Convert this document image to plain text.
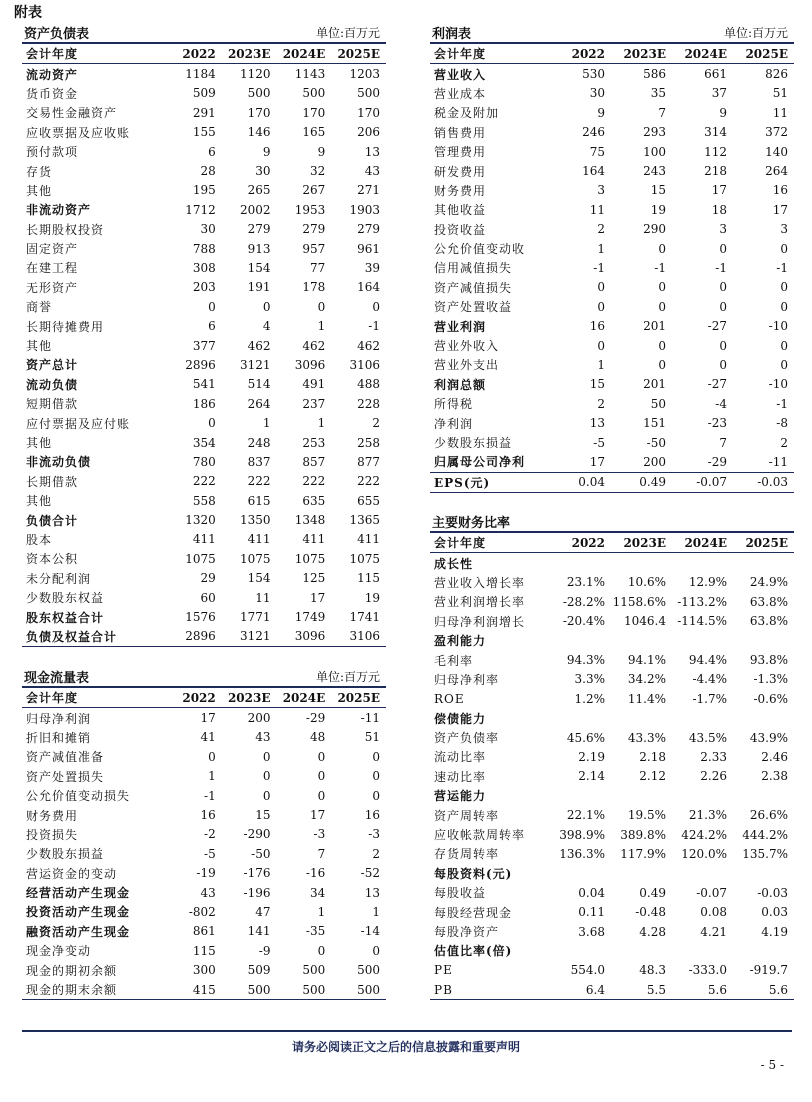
附表
资产负债表	单位:百万元
会计年度	2022	2023E	2024E	2025E
流动资产	1184	1120	1143	1203
货币资金	509	500	500	500
交易性金融资产	291	170	170	170
应收票据及应收账	155	146	165	206
预付款项	6	9	9	13
存货	28	30	32	43
其他	195	265	267	271
非流动资产	1712	2002	1953	1903
长期股权投资	30	279	279	279
固定资产	788	913	957	961
在建工程	308	154	77	39
无形资产	203	191	178	164
商誉	0	0	0	0
长期待摊费用	6	4	1	-1
其他	377	462	462	462
资产总计	2896	3121	3096	3106
流动负债	541	514	491	488
短期借款	186	264	237	228
应付票据及应付账	0	1	1	2
其他	354	248	253	258
非流动负债	780	837	857	877
长期借款	222	222	222	222
其他	558	615	635	655
负债合计	1320	1350	1348	1365
股本	411	411	411	411
资本公积	1075	1075	1075	1075
未分配利润	29	154	125	115
少数股东权益	60	11	17	19
股东权益合计	1576	1771	1749	1741
负债及权益合计	2896	3121	3096	3106
现金流量表	单位:百万元
会计年度	2022	2023E	2024E	2025E
归母净利润	17	200	-29	-11
折旧和摊销	41	43	48	51
资产减值准备	0	0	0	0
资产处置损失	1	0	0	0
公允价值变动损失	-1	0	0	0
财务费用	16	15	17	16
投资损失	-2	-290	-3	-3
少数股东损益	-5	-50	7	2
营运资金的变动	-19	-176	-16	-52
经营活动产生现金	43	-196	34	13
投资活动产生现金	-802	47	1	1
融资活动产生现金	861	141	-35	-14
现金净变动	115	-9	0	0
现金的期初余额	300	509	500	500
现金的期末余额	415	500	500	500
利润表	单位:百万元
会计年度	2022	2023E	2024E	2025E
营业收入	530	586	661	826
营业成本	30	35	37	51
税金及附加	9	7	9	11
销售费用	246	293	314	372
管理费用	75	100	112	140
研发费用	164	243	218	264
财务费用	3	15	17	16
其他收益	11	19	18	17
投资收益	2	290	3	3
公允价值变动收	1	0	0	0
信用减值损失	-1	-1	-1	-1
资产减值损失	0	0	0	0
资产处置收益	0	0	0	0
营业利润	16	201	-27	-10
营业外收入	0	0	0	0
营业外支出	1	0	0	0
利润总额	15	201	-27	-10
所得税	2	50	-4	-1
净利润	13	151	-23	-8
少数股东损益	-5	-50	7	2
归属母公司净利	17	200	-29	-11
EPS(元)	0.04	0.49	-0.07	-0.03
主要财务比率
会计年度	2022	2023E	2024E	2025E
成长性				
营业收入增长率	23.1%	10.6%	12.9%	24.9%
营业利润增长率	-28.2%	1158.6%	-113.2%	63.8%
归母净利润增长	-20.4%	1046.4	-114.5%	63.8%
盈利能力				
毛利率	94.3%	94.1%	94.4%	93.8%
归母净利率	3.3%	34.2%	-4.4%	-1.3%
ROE	1.2%	11.4%	-1.7%	-0.6%
偿债能力				
资产负债率	45.6%	43.3%	43.5%	43.9%
流动比率	2.19	2.18	2.33	2.46
速动比率	2.14	2.12	2.26	2.38
营运能力				
资产周转率	22.1%	19.5%	21.3%	26.6%
应收帐款周转率	398.9%	389.8%	424.2%	444.2%
存货周转率	136.3%	117.9%	120.0%	135.7%
每股资料(元)				
每股收益	0.04	0.49	-0.07	-0.03
每股经营现金	0.11	-0.48	0.08	0.03
每股净资产	3.68	4.28	4.21	4.19
估值比率(倍)				
PE	554.0	48.3	-333.0	-919.7
PB	6.4	5.5	5.6	5.6
请务必阅读正文之后的信息披露和重要声明
- 5 -
